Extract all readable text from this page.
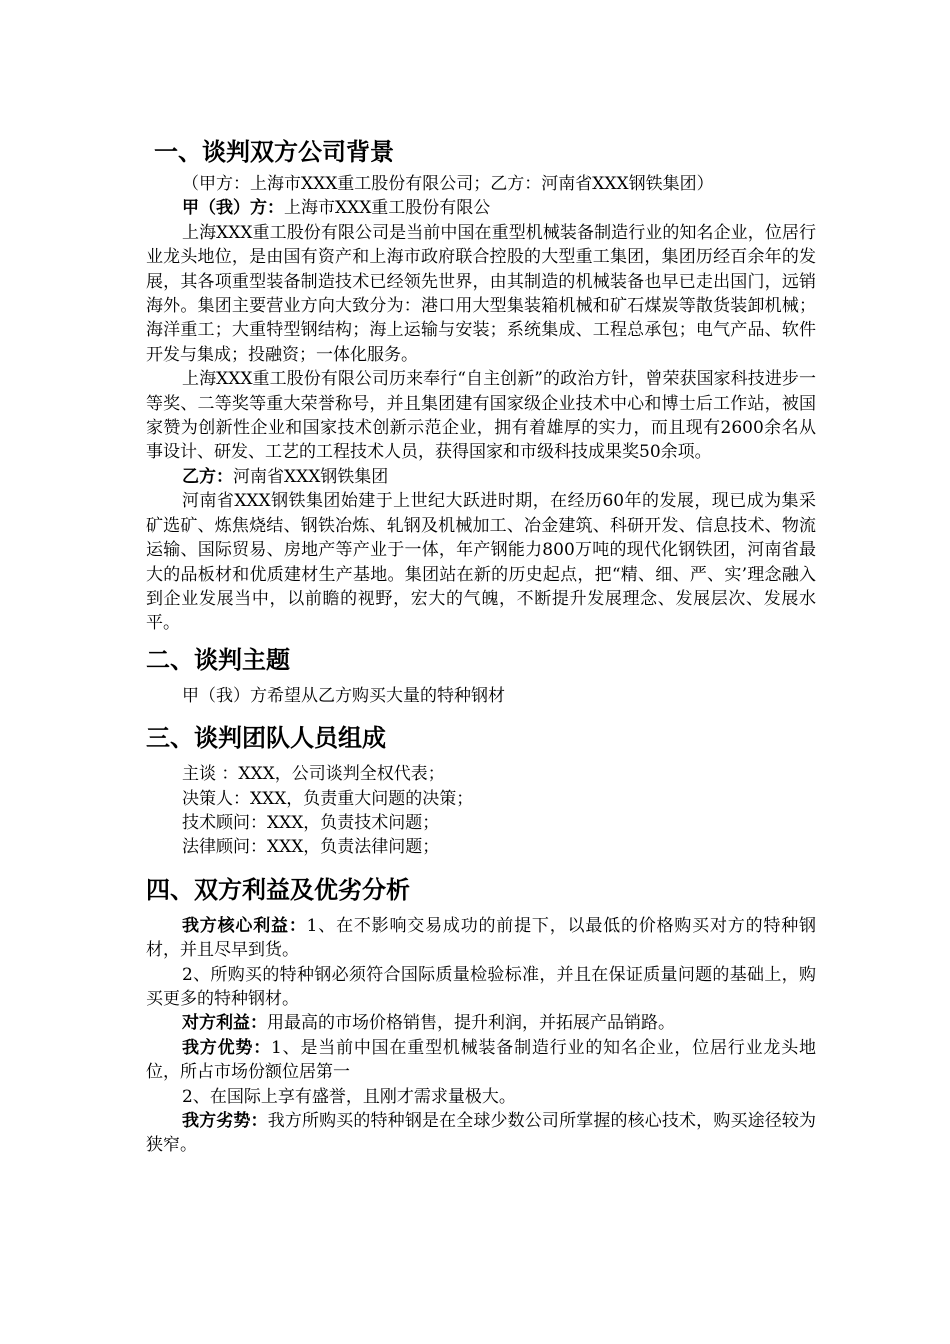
一、谈判双方公司背景

（甲方：上海市XXX重工股份有限公司；乙方：河南省XXX钢铁集团）

甲（我）方：上海市XXX重工股份有限公

上海XXX重工股份有限公司是当前中国在重型机械装备制造行业的知名企业，位居行业龙头地位，是由国有资产和上海市政府联合控股的大型重工集团，集团历经百余年的发展，其各项重型装备制造技术已经领先世界，由其制造的机械装备也早已走出国门，远销海外。集团主要营业方向大致分为：港口用大型集装箱机械和矿石煤炭等散货装卸机械；海洋重工；大重特型钢结构；海上运输与安装；系统集成、工程总承包；电气产品、软件开发与集成；投融资；一体化服务。

上海XXX重工股份有限公司历来奉行“自主创新”的政治方针，曾荣获国家科技进步一等奖、二等奖等重大荣誉称号，并且集团建有国家级企业技术中心和博士后工作站，被国家赞为创新性企业和国家技术创新示范企业，拥有着雄厚的实力，而且现有2600余名从事设计、研发、工艺的工程技术人员，获得国家和市级科技成果奖50余项。

乙方：河南省XXX钢铁集团

河南省XXX钢铁集团始建于上世纪大跃进时期，在经历60年的发展，现已成为集采矿选矿、炼焦烧结、钢铁冶炼、轧钢及机械加工、冶金建筑、科研开发、信息技术、物流运输、国际贸易、房地产等产业于一体，年产钢能力800万吨的现代化钢铁团，河南省最大的品板材和优质建材生产基地。集团站在新的历史起点，把“精、细、严、实’理念融入到企业发展当中，以前瞻的视野，宏大的气魄，不断提升发展理念、发展层次、发展水平。

二、谈判主题

甲（我）方希望从乙方购买大量的特种钢材

三、谈判团队人员组成

主谈 ：XXX，公司谈判全权代表；

决策人：XXX，负责重大问题的决策；

技术顾问：XXX，负责技术问题；

法律顾问：XXX，负责法律问题；

四、双方利益及优劣分析

我方核心利益：1、在不影响交易成功的前提下，以最低的价格购买对方的特种钢材，并且尽早到货。

2、所购买的特种钢必须符合国际质量检验标准，并且在保证质量问题的基础上，购买更多的特种钢材。

对方利益：用最高的市场价格销售，提升利润，并拓展产品销路。

我方优势：1、是当前中国在重型机械装备制造行业的知名企业，位居行业龙头地位，所占市场份额位居第一

2、在国际上享有盛誉，且刚才需求量极大。

我方劣势：我方所购买的特种钢是在全球少数公司所掌握的核心技术，购买途径较为狭窄。
